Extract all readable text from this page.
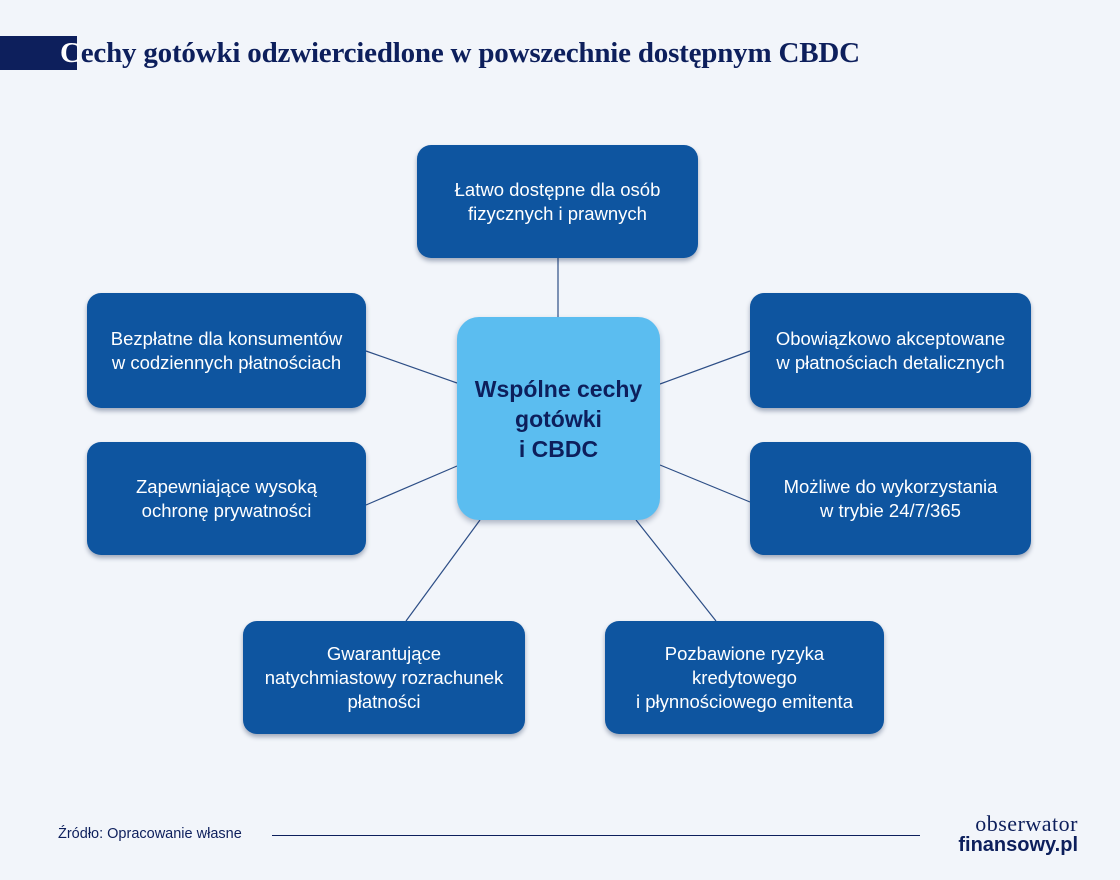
Cechy gotówki odzwierciedlone w powszechnie dostępnym CBDC
Łatwo dostępne dla osób
fizycznych i prawnych
Bezpłatne dla konsumentów
w codziennych płatnościach
Obowiązkowo akceptowane
w płatnościach detalicznych
Zapewniające wysoką
ochronę prywatności
Możliwe do wykorzystania
w trybie 24/7/365
Gwarantujące
natychmiastowy rozrachunek
płatności
Pozbawione ryzyka
kredytowego
i płynnościowego emitenta
Wspólne cechy
gotówki
i CBDC
Źródło: Opracowanie własne	obserwator
finansowy.pl
